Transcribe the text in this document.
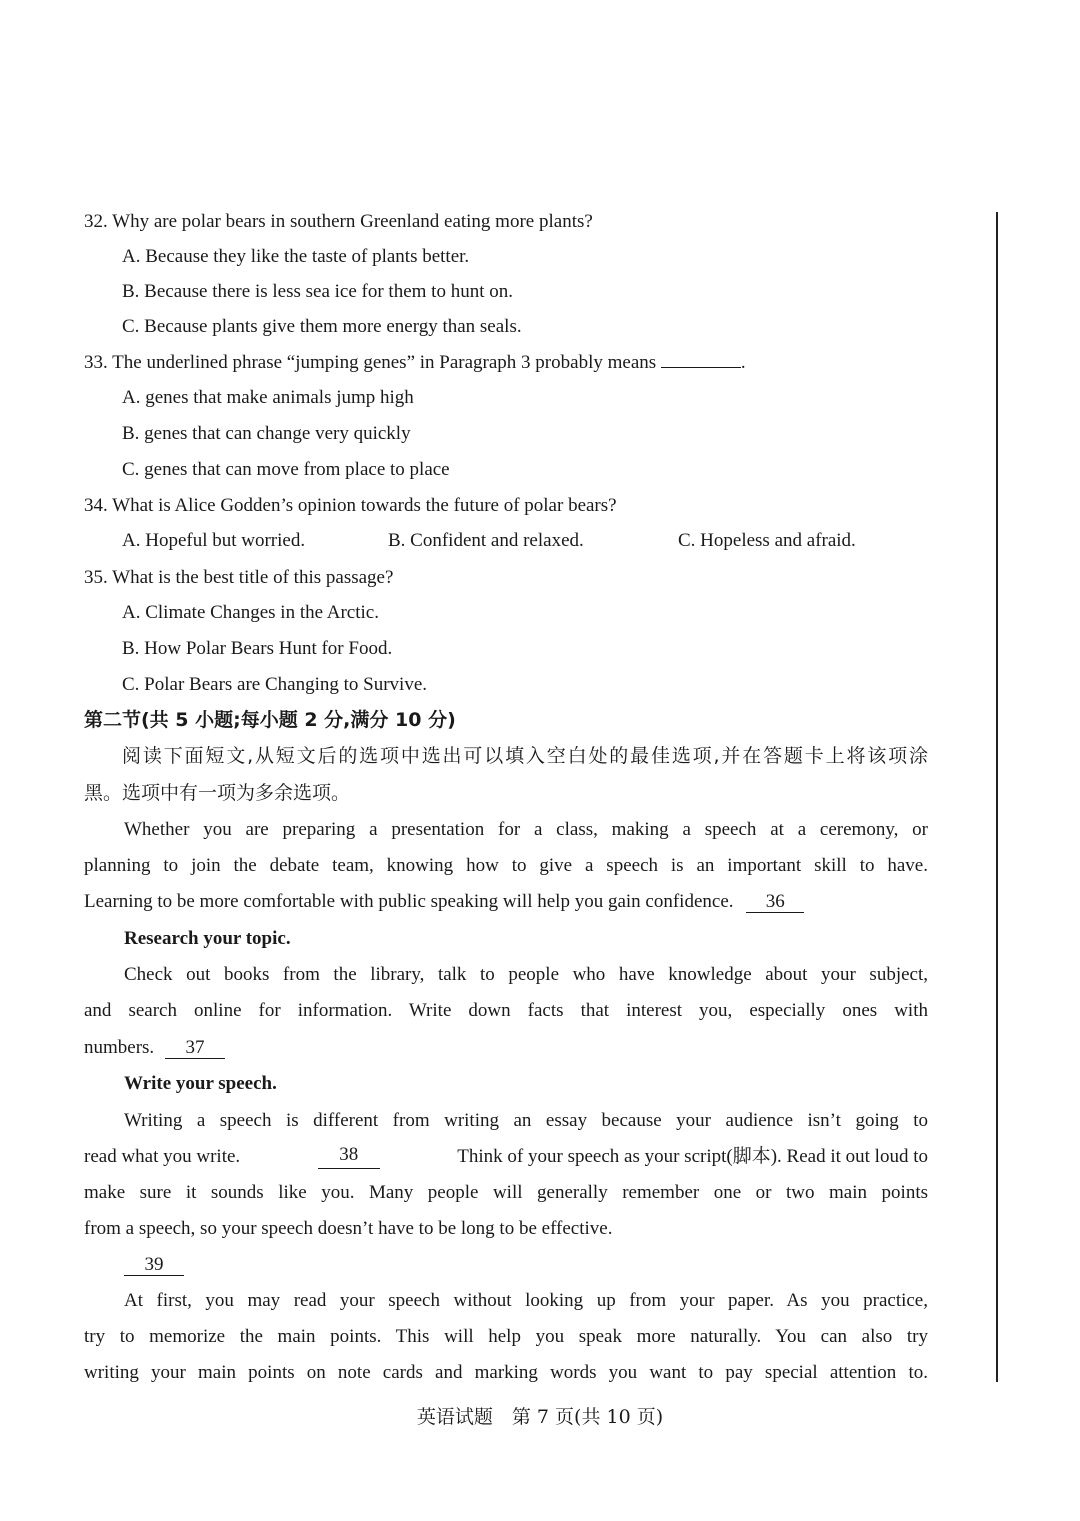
32. Why are polar bears in southern Greenland eating more plants?
A. Because they like the taste of plants better.
B. Because there is less sea ice for them to hunt on.
C. Because plants give them more energy than seals.
33. The underlined phrase “jumping genes” in Paragraph 3 probably means	.
A. genes that make animals jump high
B. genes that can change very quickly
C. genes that can move from place to place
34. What is Alice Godden’s opinion towards the future of polar bears?
A. Hopeful but worried.	B. Confident and relaxed.	C. Hopeless and afraid.
35. What is the best title of this passage?
A. Climate Changes in the Arctic.
B. How Polar Bears Hunt for Food.
C. Polar Bears are Changing to Survive.
第二节(共 5 小题;每小题 2 分,满分 10 分)
阅读下面短文,从短文后的选项中选出可以填入空白处的最佳选项,并在答题卡上将该项涂
黑。选项中有一项为多余选项。
Whether you are preparing a presentation for a class, making a speech at a ceremony, or
planning to join the debate team, knowing how to give a speech is an important skill to have.
Learning to be more comfortable with public speaking will help you gain confidence. 36
Research your topic.
Check out books from the library, talk to people who have knowledge about your subject,
and search online for information. Write down facts that interest you, especially ones with
numbers. 37
Write your speech.
Writing a speech is different from writing an essay because your audience isn’t going to
read what you write.	38	Think of your speech as your script(脚本). Read it out loud to
make sure it sounds like you. Many people will generally remember one or two main points
from a speech, so your speech doesn’t have to be long to be effective.
39
At first, you may read your speech without looking up from your paper. As you practice,
try to memorize the main points. This will help you speak more naturally. You can also try
writing your main points on note cards and marking words you want to pay special attention to.
英语试题　第 7 页(共 10 页)
